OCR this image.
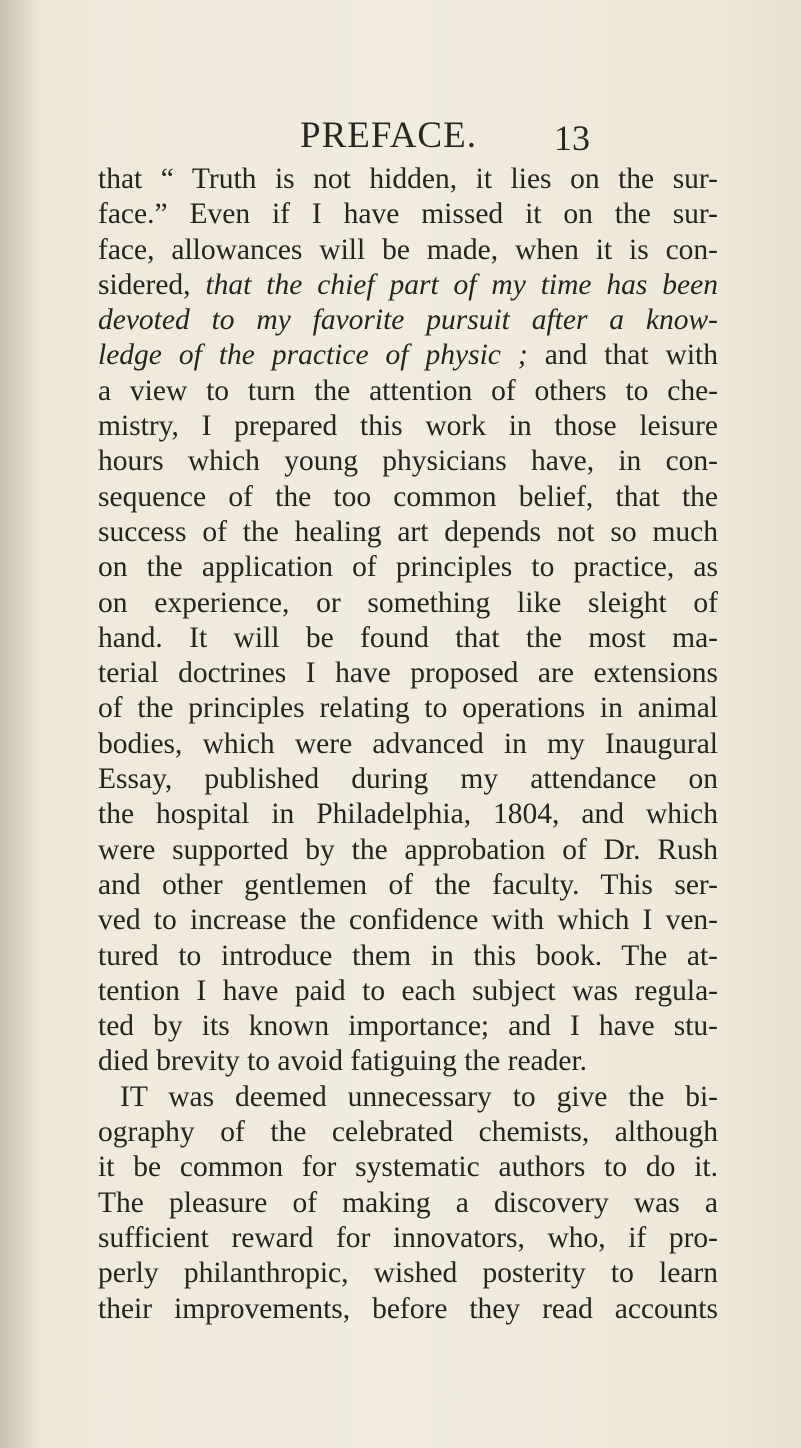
PREFACE. 13
that “ Truth is not hidden, it lies on the sur-
face.” Even if I have missed it on the sur-
face, allowances will be made, when it is con-
sidered, that the chief part of my time has been
devoted to my favorite pursuit after a know-
ledge of the practice of physic ; and that with
a view to turn the attention of others to che-
mistry, I prepared this work in those leisure
hours which young physicians have, in con-
sequence of the too common belief, that the
success of the healing art depends not so much
on the application of principles to practice, as
on experience, or something like sleight of
hand. It will be found that the most ma-
terial doctrines I have proposed are extensions
of the principles relating to operations in animal
bodies, which were advanced in my Inaugural
Essay, published during my attendance on
the hospital in Philadelphia, 1804, and which
were supported by the approbation of Dr. Rush
and other gentlemen of the faculty. This ser-
ved to increase the confidence with which I ven-
tured to introduce them in this book. The at-
tention I have paid to each subject was regula-
ted by its known importance; and I have stu-
died brevity to avoid fatiguing the reader.
IT was deemed unnecessary to give the bi-
ography of the celebrated chemists, although
it be common for systematic authors to do it.
The pleasure of making a discovery was a
sufficient reward for innovators, who, if pro-
perly philanthropic, wished posterity to learn
their improvements, before they read accounts
